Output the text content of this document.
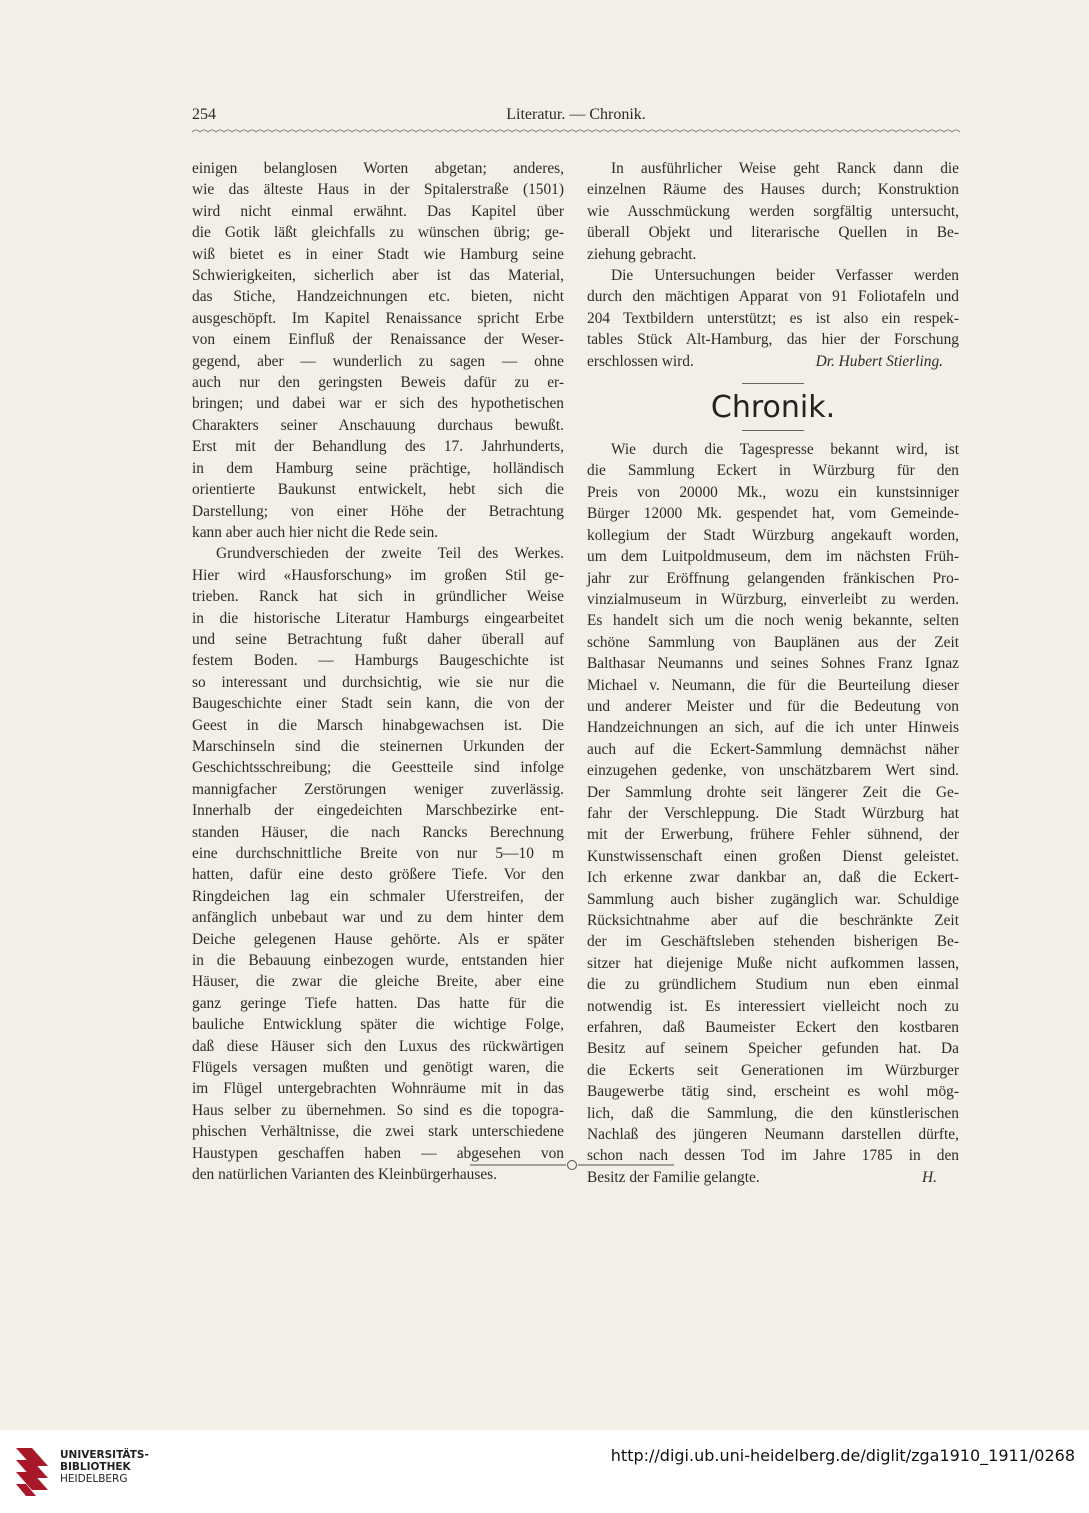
254	Literatur. — Chronik.

einigen belanglosen Worten abgetan; anderes,

wie das älteste Haus in der Spitalerstraße (1501)

wird nicht einmal erwähnt. Das Kapitel über

die Gotik läßt gleichfalls zu wünschen übrig; ge-

wiß bietet es in einer Stadt wie Hamburg seine

Schwierigkeiten, sicherlich aber ist das Material,

das Stiche, Handzeichnungen etc. bieten, nicht

ausgeschöpft. Im Kapitel Renaissance spricht Erbe

von einem Einfluß der Renaissance der Weser-

gegend, aber — wunderlich zu sagen — ohne

auch nur den geringsten Beweis dafür zu er-

bringen; und dabei war er sich des hypothetischen

Charakters seiner Anschauung durchaus bewußt.

Erst mit der Behandlung des 17. Jahrhunderts,

in dem Hamburg seine prächtige, holländisch

orientierte Baukunst entwickelt, hebt sich die

Darstellung; von einer Höhe der Betrachtung

kann aber auch hier nicht die Rede sein.

Grundverschieden der zweite Teil des Werkes.

Hier wird «Hausforschung» im großen Stil ge-

trieben. Ranck hat sich in gründlicher Weise

in die historische Literatur Hamburgs eingearbeitet

und seine Betrachtung fußt daher überall auf

festem Boden. — Hamburgs Baugeschichte ist

so interessant und durchsichtig, wie sie nur die

Baugeschichte einer Stadt sein kann, die von der

Geest in die Marsch hinabgewachsen ist. Die

Marschinseln sind die steinernen Urkunden der

Geschichtsschreibung; die Geestteile sind infolge

mannigfacher Zerstörungen weniger zuverlässig.

Innerhalb der eingedeichten Marschbezirke ent-

standen Häuser, die nach Rancks Berechnung

eine durchschnittliche Breite von nur 5—10 m

hatten, dafür eine desto größere Tiefe. Vor den

Ringdeichen lag ein schmaler Uferstreifen, der

anfänglich unbebaut war und zu dem hinter dem

Deiche gelegenen Hause gehörte. Als er später

in die Bebauung einbezogen wurde, entstanden hier

Häuser, die zwar die gleiche Breite, aber eine

ganz geringe Tiefe hatten. Das hatte für die

bauliche Entwicklung später die wichtige Folge,

daß diese Häuser sich den Luxus des rückwärtigen

Flügels versagen mußten und genötigt waren, die

im Flügel untergebrachten Wohnräume mit in das

Haus selber zu übernehmen. So sind es die topogra-

phischen Verhältnisse, die zwei stark unterschiedene

Haustypen geschaffen haben — abgesehen von

den natürlichen Varianten des Kleinbürgerhauses.

In ausführlicher Weise geht Ranck dann die

einzelnen Räume des Hauses durch; Konstruktion

wie Ausschmückung werden sorgfältig untersucht,

überall Objekt und literarische Quellen in Be-

ziehung gebracht.

Die Untersuchungen beider Verfasser werden

durch den mächtigen Apparat von 91 Foliotafeln und

204 Textbildern unterstützt; es ist also ein respek-

tables Stück Alt-Hamburg, das hier der Forschung

erschlossen wird.	Dr. Hubert Stierling.
Chronik.

Wie durch die Tagespresse bekannt wird, ist

die Sammlung Eckert in Würzburg für den

Preis von 20000 Mk., wozu ein kunstsinniger

Bürger 12000 Mk. gespendet hat, vom Gemeinde-

kollegium der Stadt Würzburg angekauft worden,

um dem Luitpoldmuseum, dem im nächsten Früh-

jahr zur Eröffnung gelangenden fränkischen Pro-

vinzialmuseum in Würzburg, einverleibt zu werden.

Es handelt sich um die noch wenig bekannte, selten

schöne Sammlung von Bauplänen aus der Zeit

Balthasar Neumanns und seines Sohnes Franz Ignaz

Michael v. Neumann, die für die Beurteilung dieser

und anderer Meister und für die Bedeutung von

Handzeichnungen an sich, auf die ich unter Hinweis

auch auf die Eckert-Sammlung demnächst näher

einzugehen gedenke, von unschätzbarem Wert sind.

Der Sammlung drohte seit längerer Zeit die Ge-

fahr der Verschleppung. Die Stadt Würzburg hat

mit der Erwerbung, frühere Fehler sühnend, der

Kunstwissenschaft einen großen Dienst geleistet.

Ich erkenne zwar dankbar an, daß die Eckert-

Sammlung auch bisher zugänglich war. Schuldige

Rücksichtnahme aber auf die beschränkte Zeit

der im Geschäftsleben stehenden bisherigen Be-

sitzer hat diejenige Muße nicht aufkommen lassen,

die zu gründlichem Studium nun eben einmal

notwendig ist. Es interessiert vielleicht noch zu

erfahren, daß Baumeister Eckert den kostbaren

Besitz auf seinem Speicher gefunden hat. Da

die Eckerts seit Generationen im Würzburger

Baugewerbe tätig sind, erscheint es wohl mög-

lich, daß die Sammlung, die den künstlerischen

Nachlaß des jüngeren Neumann darstellen dürfte,

schon nach dessen Tod im Jahre 1785 in den

Besitz der Familie gelangte.	H.
UNIVERSITÄTS-
BIBLIOTHEK
HEIDELBERG
http://digi.ub.uni-heidelberg.de/diglit/zga1910_1911/0268
